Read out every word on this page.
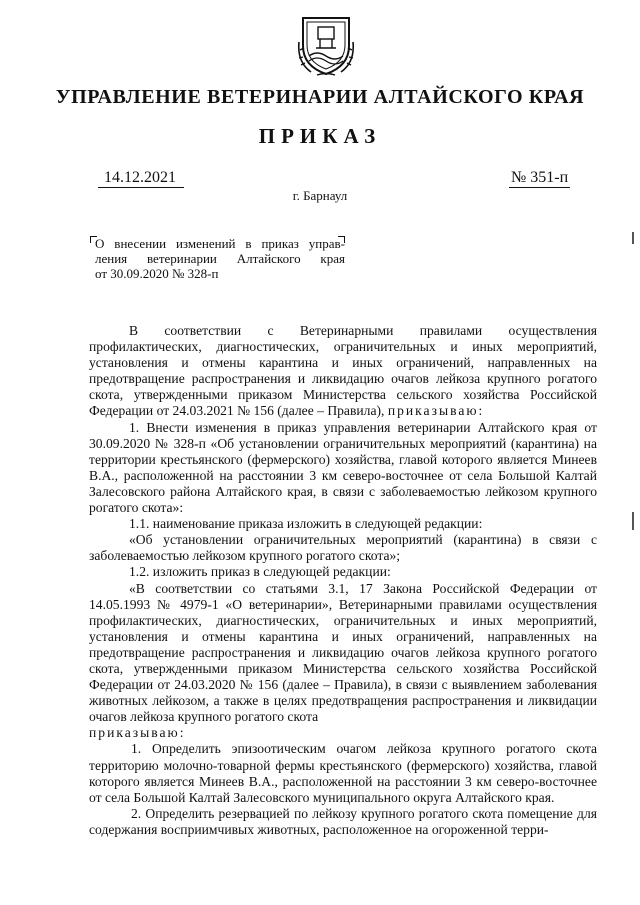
УПРАВЛЕНИЕ ВЕТЕРИНАРИИ АЛТАЙСКОГО КРАЯ
ПРИКАЗ
14.12.2021	№ 351-п
г. Барнаул
О внесении изменений в приказ управ-
ления ветеринарии Алтайского края
от 30.09.2020 № 328-п

В соответствии с Ветеринарными правилами осуществления профилактических, диагностических, ограничительных и иных мероприятий, установления и отмены карантина и иных ограничений, направленных на предотвращение распространения и ликвидацию очагов лейкоза крупного рогатого скота, утвержденными приказом Министерства сельского хозяйства Российской Федерации от 24.03.2021 № 156 (далее – Правила), приказываю:

1. Внести изменения в приказ управления ветеринарии Алтайского края от 30.09.2020 № 328-п «Об установлении ограничительных мероприятий (карантина) на территории крестьянского (фермерского) хозяйства, главой которого является Минеев В.А., расположенной на расстоянии 3 км северо-восточнее от села Большой Калтай Залесовского района Алтайского края, в связи с заболеваемостью лейкозом крупного рогатого скота»:

1.1. наименование приказа изложить в следующей редакции:

«Об установлении ограничительных мероприятий (карантина) в связи с заболеваемостью лейкозом крупного рогатого скота»;

1.2. изложить приказ в следующей редакции:

«В соответствии со статьями 3.1, 17 Закона Российской Федерации от 14.05.1993 № 4979-1 «О ветеринарии», Ветеринарными правилами осуществления профилактических, диагностических, ограничительных и иных мероприятий, установления и отмены карантина и иных ограничений, направленных на предотвращение распространения и ликвидацию очагов лейкоза крупного рогатого скота, утвержденными приказом Министерства сельского хозяйства Российской Федерации от 24.03.2020 № 156 (далее – Правила), в связи с выявлением заболевания животных лейкозом, а также в целях предотвращения распространения и ликвидации очагов лейкоза крупного рогатого скота

приказываю:

1. Определить эпизоотическим очагом лейкоза крупного рогатого скота территорию молочно-товарной фермы крестьянского (фермерского) хозяйства, главой которого является Минеев В.А., расположенной на расстоянии 3 км северо-восточнее от села Большой Калтай Залесовского муниципального округа Алтайского края.

2. Определить резервацией по лейкозу крупного рогатого скота помещение для содержания восприимчивых животных, расположенное на огороженной терри-
